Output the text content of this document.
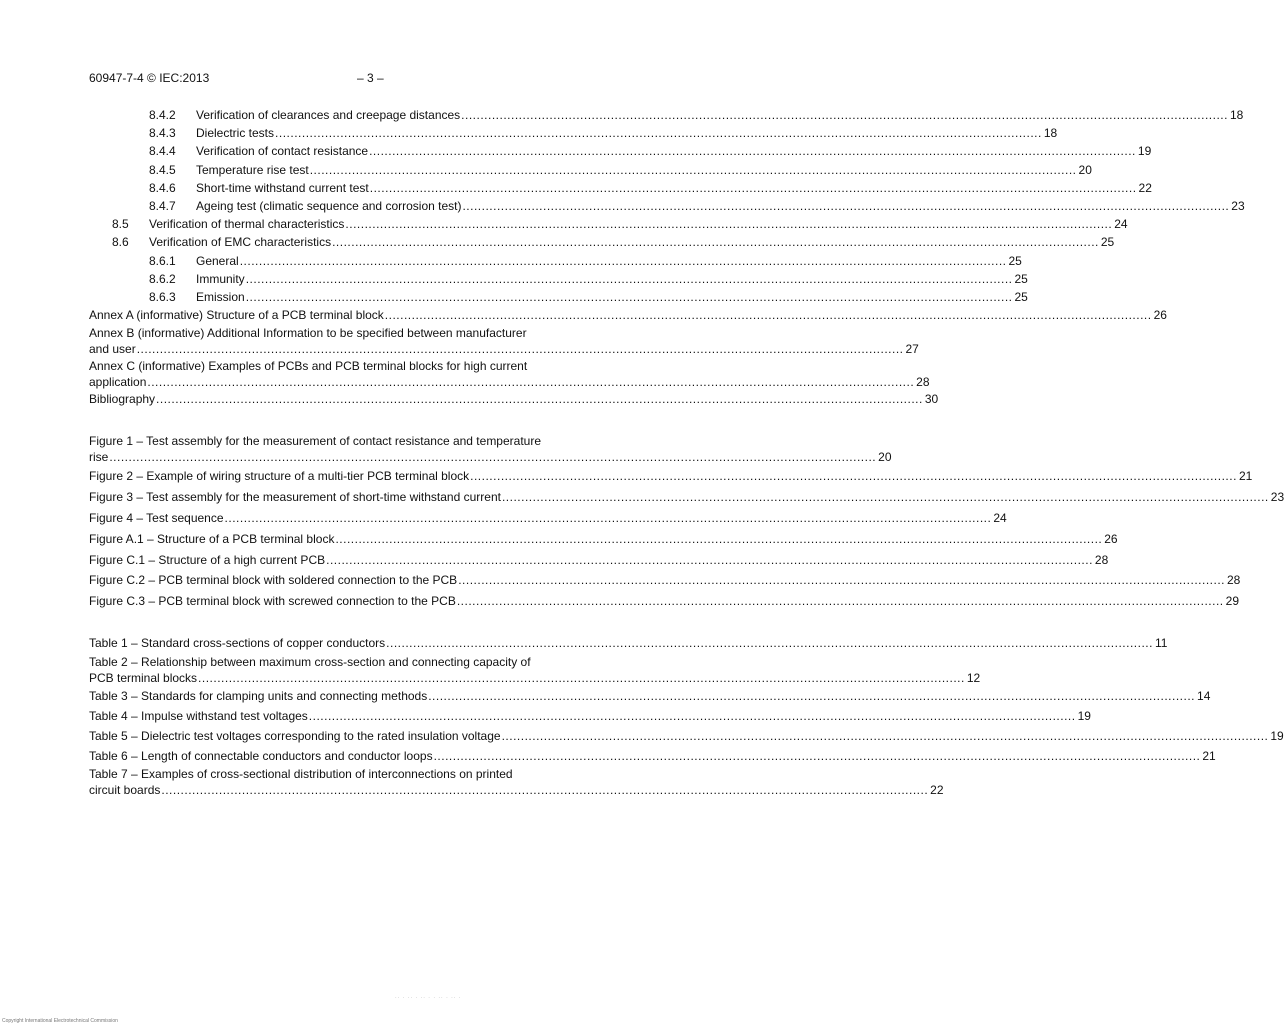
60947-7-4 © IEC:2013	– 3 –
8.4.2 Verification of clearances and creepage distances ........................................................................................................................................................................................................ 18
8.4.3 Dielectric tests ........................................................................................................................................................................................................ 18
8.4.4 Verification of contact resistance ........................................................................................................................................................................................................ 19
8.4.5 Temperature rise test ........................................................................................................................................................................................................ 20
8.4.6 Short-time withstand current test ........................................................................................................................................................................................................ 22
8.4.7 Ageing test (climatic sequence and corrosion test) ........................................................................................................................................................................................................ 23
8.5 Verification of thermal characteristics ........................................................................................................................................................................................................ 24
8.6 Verification of EMC characteristics ........................................................................................................................................................................................................ 25
8.6.1 General ........................................................................................................................................................................................................ 25
8.6.2 Immunity ........................................................................................................................................................................................................ 25
8.6.3 Emission ........................................................................................................................................................................................................ 25
Annex A (informative) Structure of a PCB terminal block ........................................................................................................................................................................................................ 26
Annex B (informative) Additional Information to be specified between manufacturer
and user ........................................................................................................................................................................................................ 27
Annex C (informative) Examples of PCBs and PCB terminal blocks for high current
application ........................................................................................................................................................................................................ 28
Bibliography ........................................................................................................................................................................................................ 30
Figure 1 – Test assembly for the measurement of contact resistance and temperature
rise ........................................................................................................................................................................................................ 20
Figure 2 – Example of wiring structure of a multi-tier PCB terminal block ........................................................................................................................................................................................................ 21
Figure 3 – Test assembly for the measurement of short-time withstand current ........................................................................................................................................................................................................ 23
Figure 4 – Test sequence ........................................................................................................................................................................................................ 24
Figure A.1 – Structure of a PCB terminal block ........................................................................................................................................................................................................ 26
Figure C.1 – Structure of a high current PCB ........................................................................................................................................................................................................ 28
Figure C.2 – PCB terminal block with soldered connection to the PCB ........................................................................................................................................................................................................ 28
Figure C.3 – PCB terminal block with screwed connection to the PCB ........................................................................................................................................................................................................ 29
Table 1 – Standard cross-sections of copper conductors ........................................................................................................................................................................................................ 11
Table 2 – Relationship between maximum cross-section and connecting capacity of
PCB terminal blocks ........................................................................................................................................................................................................ 12
Table 3 – Standards for clamping units and connecting methods ........................................................................................................................................................................................................ 14
Table 4 – Impulse withstand test voltages ........................................................................................................................................................................................................ 19
Table 5 – Dielectric test voltages corresponding to the rated insulation voltage ........................................................................................................................................................................................................ 19
Table 6 – Length of connectable conductors and conductor loops ........................................................................................................................................................................................................ 21
Table 7 – Examples of cross-sectional distribution of interconnections on printed
circuit boards ........................................................................................................................................................................................................ 22
·· · ·· · ·· · · ·· · ·· ·
Copyright International Electrotechnical Commission
